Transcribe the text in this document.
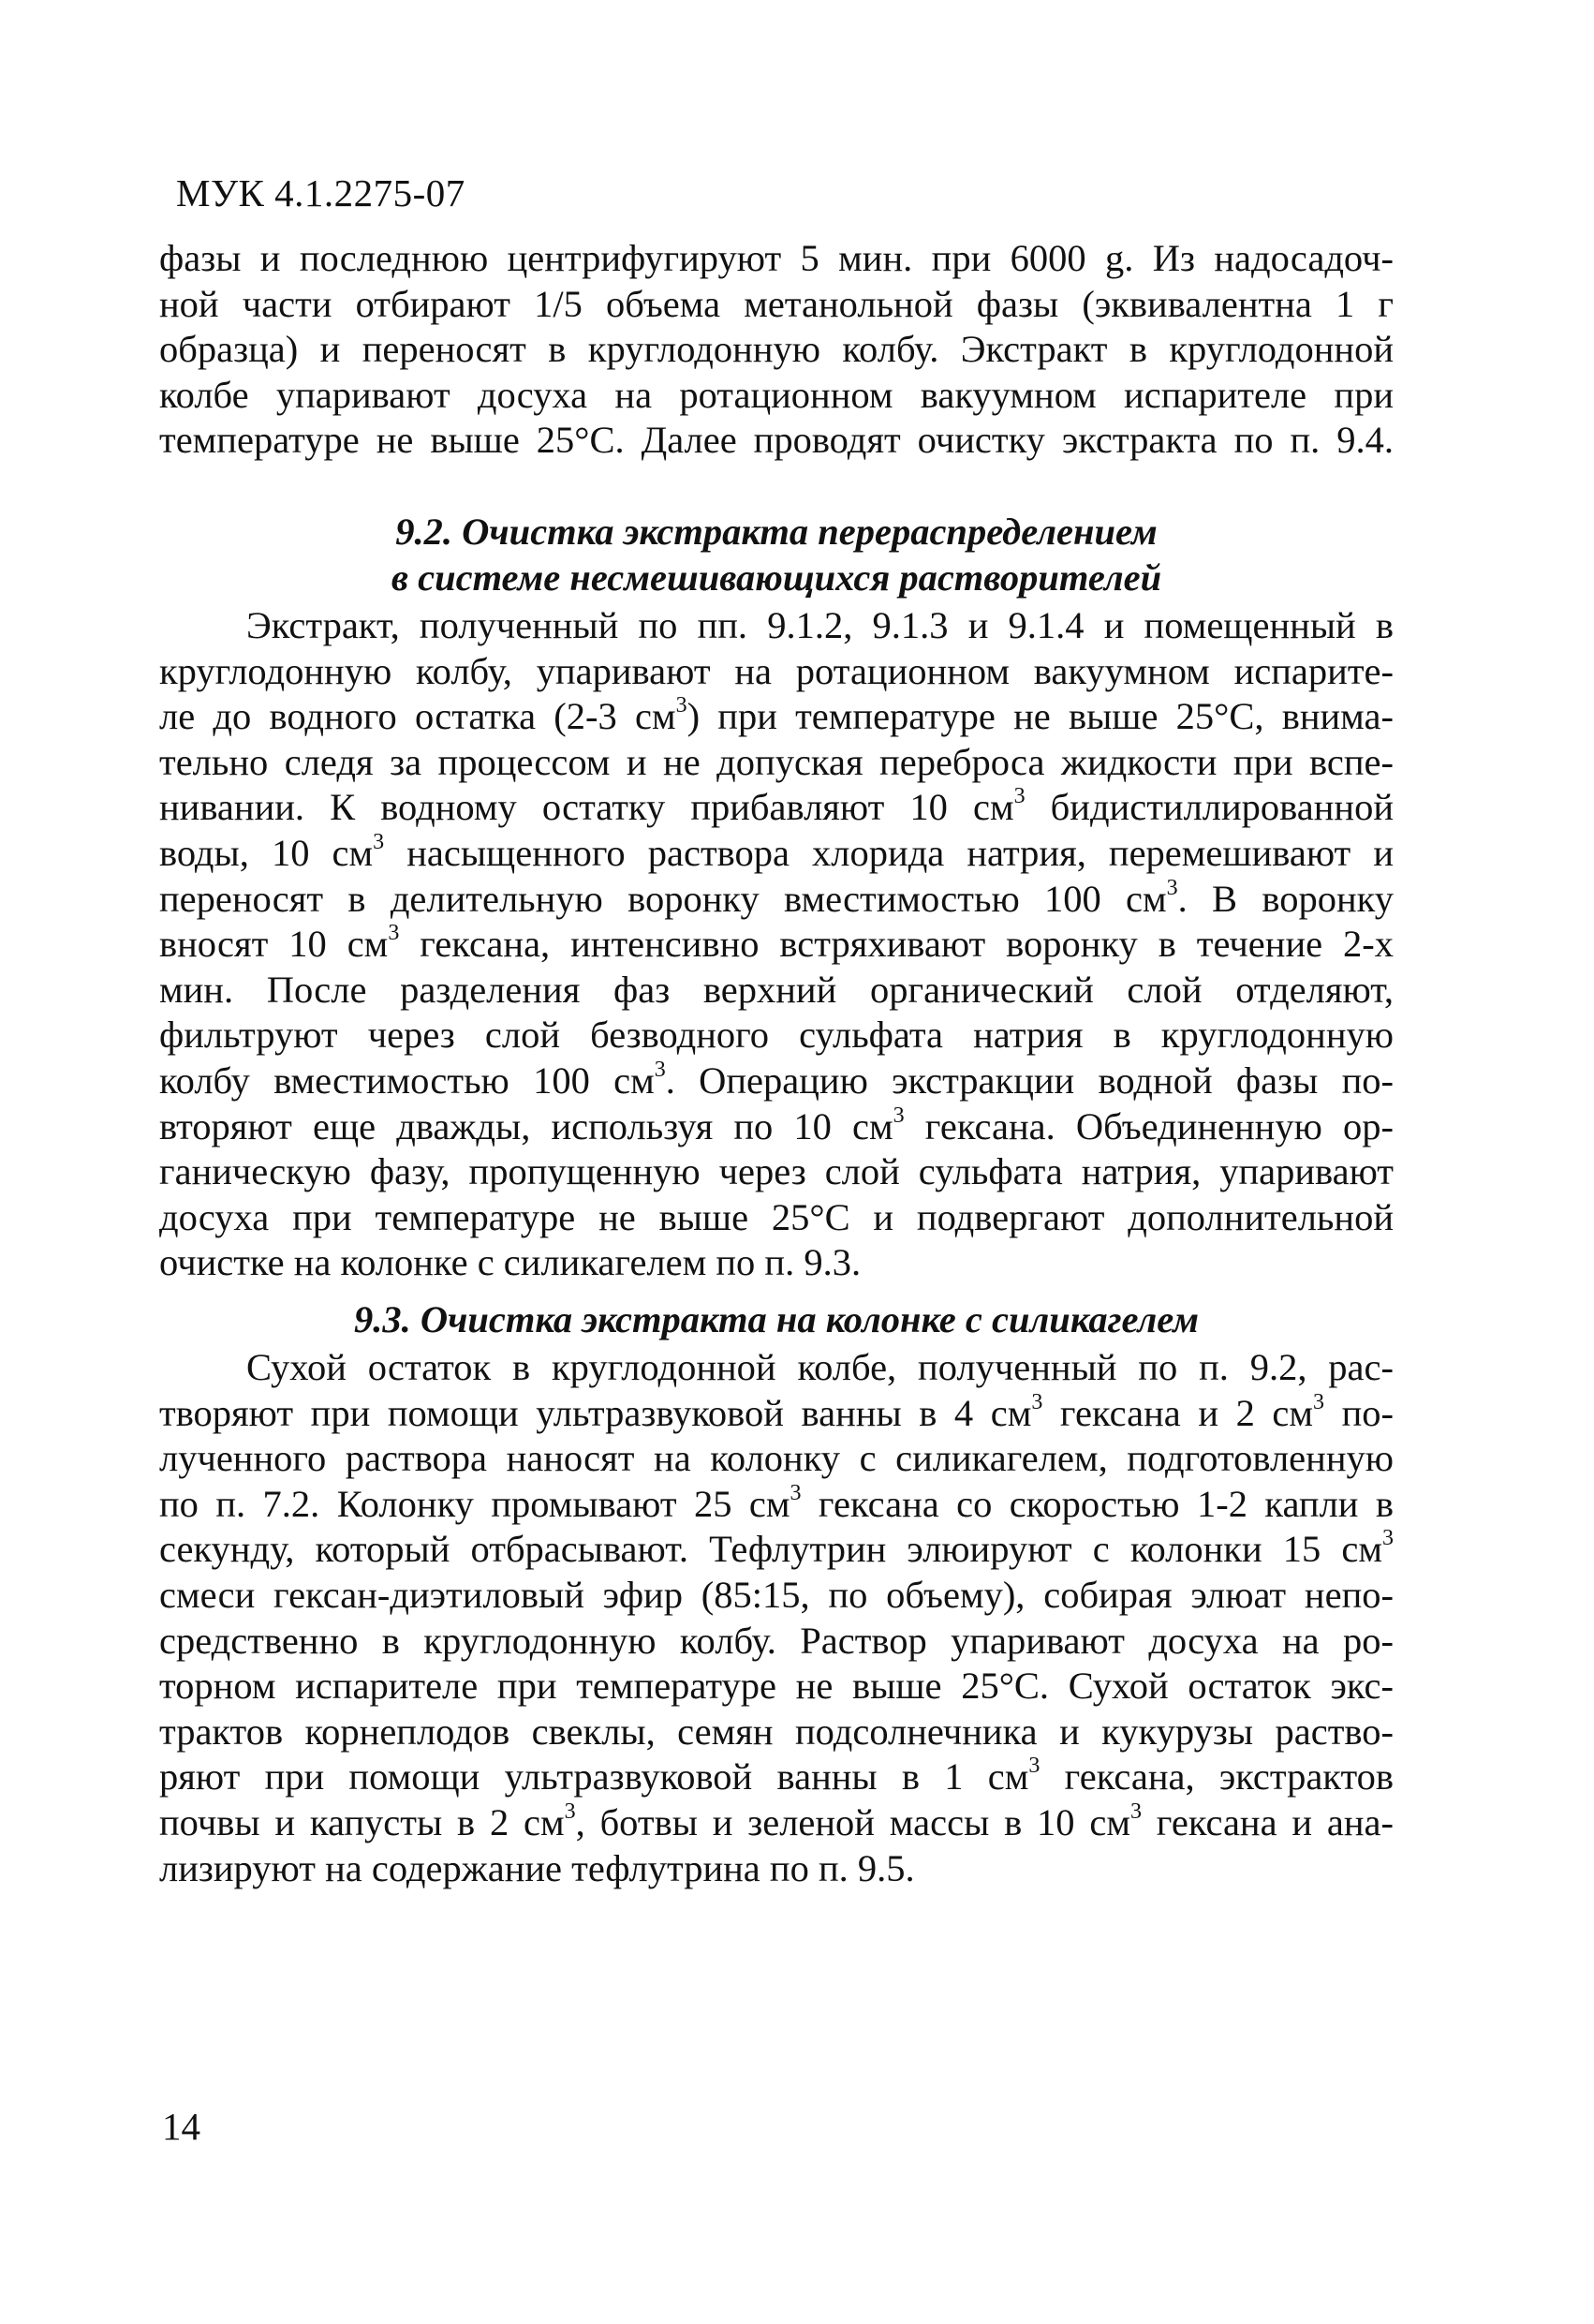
МУК 4.1.2275-07
фазы и последнюю центрифугируют 5 мин. при 6000 g. Из надосадоч-
ной части отбирают 1/5 объема метанольной фазы (эквивалентна 1 г
образца) и переносят в круглодонную колбу. Экстракт в круглодонной
колбе упаривают досуха на ротационном вакуумном испарителе при
температуре не выше 25°С. Далее проводят очистку экстракта по п. 9.4.
9.2. Очистка экстракта перераспределением
в системе несмешивающихся растворителей
Экстракт, полученный по пп. 9.1.2, 9.1.3 и 9.1.4 и помещенный в
круглодонную колбу, упаривают на ротационном вакуумном испарите-
ле до водного остатка (2-3 $см^3$) при температуре не выше 25°С, внима-
тельно следя за процессом и не допуская переброса жидкости при вспе-
нивании. К водному остатку прибавляют 10 $см^3$ бидистиллированной
воды, 10 $см^3$ насыщенного раствора хлорида натрия, перемешивают и
переносят в делительную воронку вместимостью 100 $см^3$. В воронку
вносят 10 $см^3$ гексана, интенсивно встряхивают воронку в течение 2-х
мин. После разделения фаз верхний органический слой отделяют,
фильтруют через слой безводного сульфата натрия в круглодонную
колбу вместимостью 100 $см^3$. Операцию экстракции водной фазы по-
вторяют еще дважды, используя по 10 $см^3$ гексана. Объединенную ор-
ганическую фазу, пропущенную через слой сульфата натрия, упаривают
досуха при температуре не выше 25°С и подвергают дополнительной
очистке на колонке с силикагелем по п. 9.3.
9.3. Очистка экстракта на колонке с силикагелем
Сухой остаток в круглодонной колбе, полученный по п. 9.2, рас-
творяют при помощи ультразвуковой ванны в 4 $см^3$ гексана и 2 $см^3$ по-
лученного раствора наносят на колонку с силикагелем, подготовленную
по п. 7.2. Колонку промывают 25 $см^3$ гексана со скоростью 1-2 капли в
секунду, который отбрасывают. Тефлутрин элюируют с колонки 15 $см^3$
смеси гексан-диэтиловый эфир (85:15, по объему), собирая элюат непо-
средственно в круглодонную колбу. Раствор упаривают досуха на ро-
торном испарителе при температуре не выше 25°С. Сухой остаток экс-
трактов корнеплодов свеклы, семян подсолнечника и кукурузы раство-
ряют при помощи ультразвуковой ванны в 1 $см^3$ гексана, экстрактов
почвы и капусты в 2 $см^3$, ботвы и зеленой массы в 10 $см^3$ гексана и ана-
лизируют на содержание тефлутрина по п. 9.5.
14
